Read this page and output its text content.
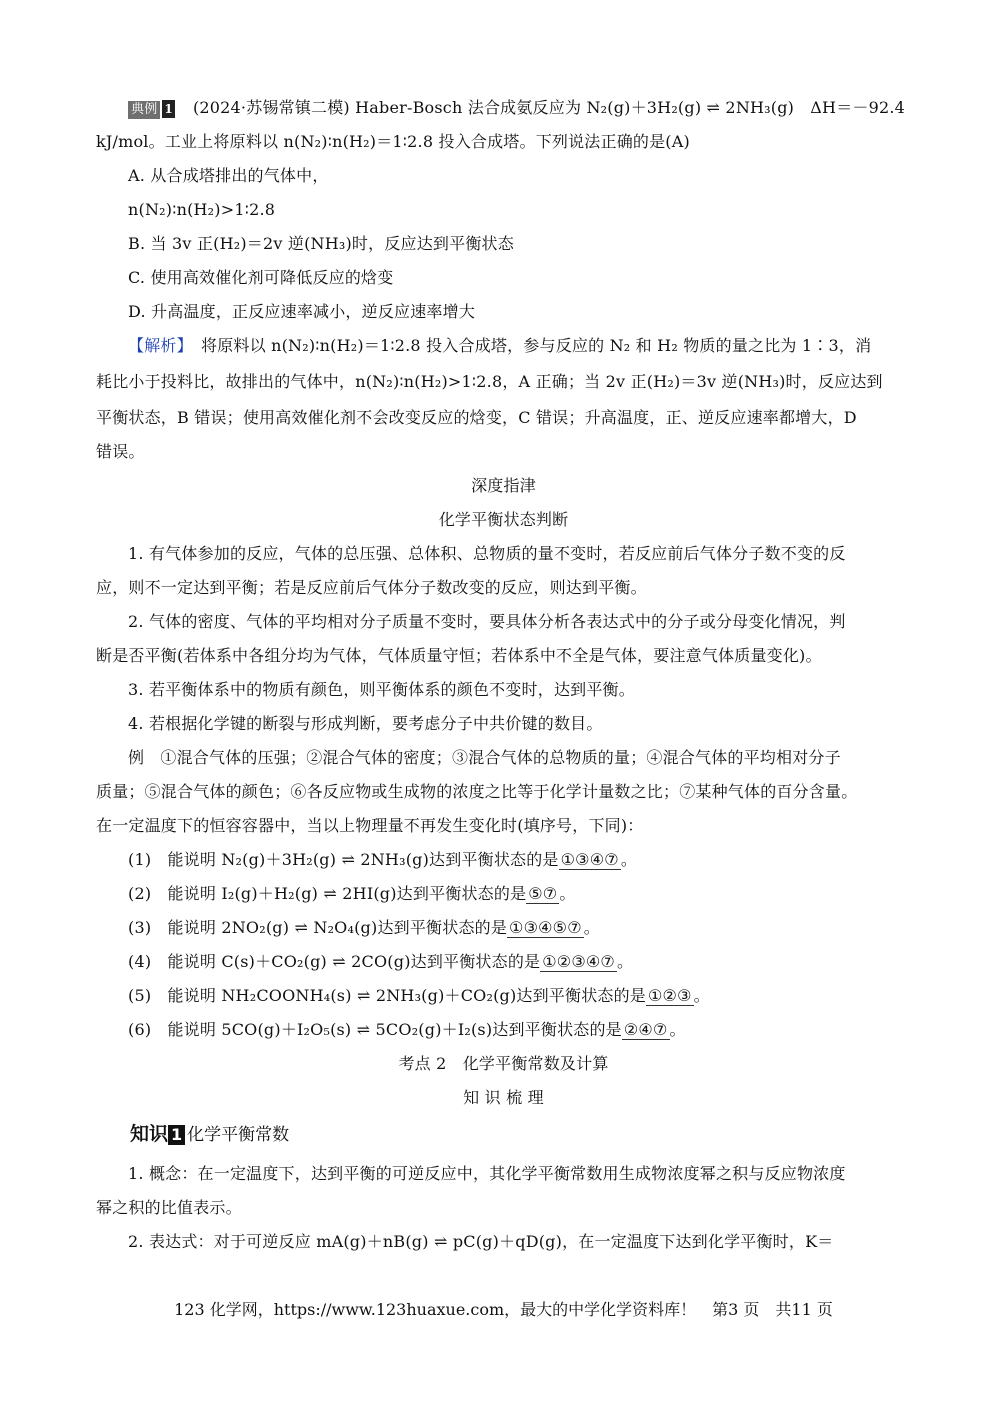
典例 1 (2024·苏锡常镇二模) Haber-Bosch 法合成氨反应为 N₂(g)＋3H₂(g) ⇌ 2NH₃(g)　ΔH＝－92.4
kJ/mol。工业上将原料以 n(N₂)∶n(H₂)＝1∶2.8 投入合成塔。下列说法正确的是(A)
A. 从合成塔排出的气体中，
n(N₂)∶n(H₂)>1∶2.8
B. 当 3v 正(H₂)＝2v 逆(NH₃)时，反应达到平衡状态
C. 使用高效催化剂可降低反应的焓变
D. 升高温度，正反应速率减小，逆反应速率增大
【解析】　 将原料以 n(N₂)∶n(H₂)＝1∶2.8 投入合成塔，参与反应的 N₂ 和 H₂ 物质的量之比为 1∶3，消
耗比小于投料比，故排出的气体中，n(N₂)∶n(H₂)>1∶2.8，A 正确；当 2v 正(H₂)＝3v 逆(NH₃)时，反应达到
平衡状态，B 错误；使用高效催化剂不会改变反应的焓变，C 错误；升高温度，正、逆反应速率都增大，D
错误。
深度指津
化学平衡状态判断
1. 有气体参加的反应，气体的总压强、总体积、总物质的量不变时，若反应前后气体分子数不变的反
应，则不一定达到平衡；若是反应前后气体分子数改变的反应，则达到平衡。
2. 气体的密度、气体的平均相对分子质量不变时，要具体分析各表达式中的分子或分母变化情况，判
断是否平衡(若体系中各组分均为气体，气体质量守恒；若体系中不全是气体，要注意气体质量变化)。
3. 若平衡体系中的物质有颜色，则平衡体系的颜色不变时，达到平衡。
4. 若根据化学键的断裂与形成判断，要考虑分子中共价键的数目。
例　①混合气体的压强；②混合气体的密度；③混合气体的总物质的量；④混合气体的平均相对分子
质量；⑤混合气体的颜色；⑥各反应物或生成物的浓度之比等于化学计量数之比；⑦某种气体的百分含量。
在一定温度下的恒容容器中，当以上物理量不再发生变化时(填序号，下同)：
(1)　能说明 N₂(g)＋3H₂(g) ⇌ 2NH₃(g)达到平衡状态的是 ①③④⑦ 。
(2)　能说明 I₂(g)＋H₂(g) ⇌ 2HI(g)达到平衡状态的是 ⑤⑦ 。
(3)　能说明 2NO₂(g) ⇌ N₂O₄(g)达到平衡状态的是 ①③④⑤⑦ 。
(4)　能说明 C(s)＋CO₂(g) ⇌ 2CO(g)达到平衡状态的是 ①②③④⑦ 。
(5)　能说明 NH₂COONH₄(s) ⇌ 2NH₃(g)＋CO₂(g)达到平衡状态的是 ①②③ 。
(6)　能说明 5CO(g)＋I₂O₅(s) ⇌ 5CO₂(g)＋I₂(s)达到平衡状态的是 ②④⑦ 。
考点 2　化学平衡常数及计算
知 识 梳 理
知识 1 化学平衡常数
1. 概念：在一定温度下，达到平衡的可逆反应中，其化学平衡常数用生成物浓度幂之积与反应物浓度
幂之积的比值表示。
2. 表达式：对于可逆反应 mA(g)＋nB(g) ⇌ pC(g)＋qD(g)，在一定温度下达到化学平衡时，K＝
123 化学网，https://www.123huaxue.com，最大的中学化学资料库！　第3 页　共11 页
